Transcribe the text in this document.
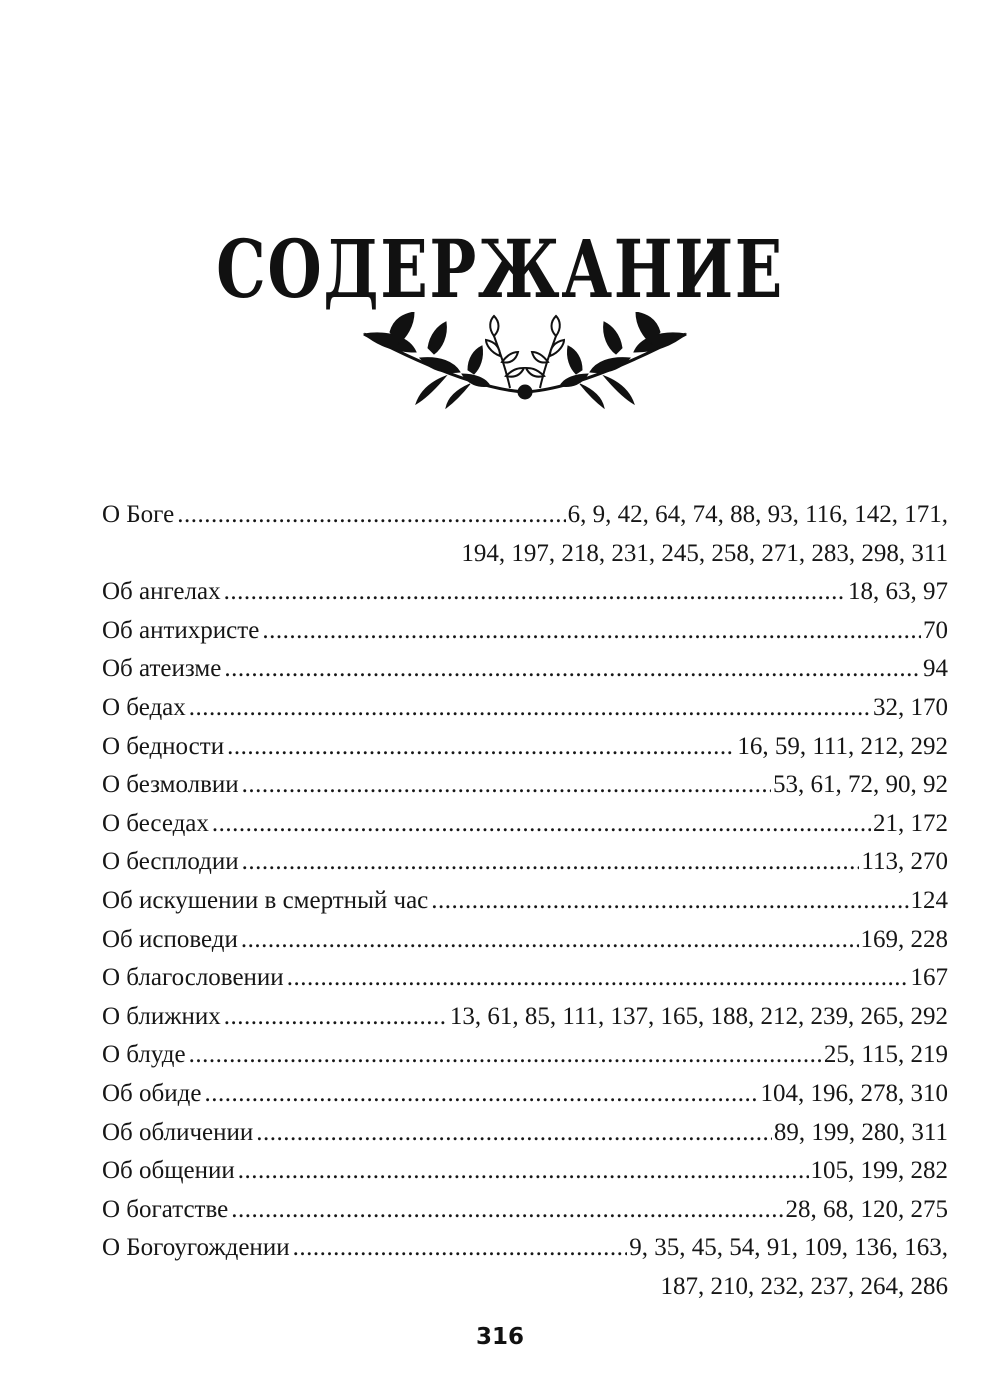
СОДЕРЖАНИЕ
О Боге .....	6, 9, 42, 64, 74, 88, 93, 116, 142, 171,
194, 197, 218, 231, 245, 258, 271, 283, 298, 311
Об ангелах .....	18, 63, 97
Об антихристе .....	70
Об атеизме .....	94
О бедах .....	32, 170
О бедности .....	16, 59, 111, 212, 292
О безмолвии .....	53, 61, 72, 90, 92
О беседах .....	21, 172
О бесплодии .....	113, 270
Об искушении в смертный час .....	124
Об исповеди .....	169, 228
О благословении .....	167
О ближних .....	13, 61, 85, 111, 137, 165, 188, 212, 239, 265, 292
О блуде .....	25, 115, 219
Об обиде .....	104, 196, 278, 310
Об обличении .....	89, 199, 280, 311
Об общении .....	105, 199, 282
О богатстве .....	28, 68, 120, 275
О Богоугождении .....	9, 35, 45, 54, 91, 109, 136, 163,
187, 210, 232, 237, 264, 286
316
